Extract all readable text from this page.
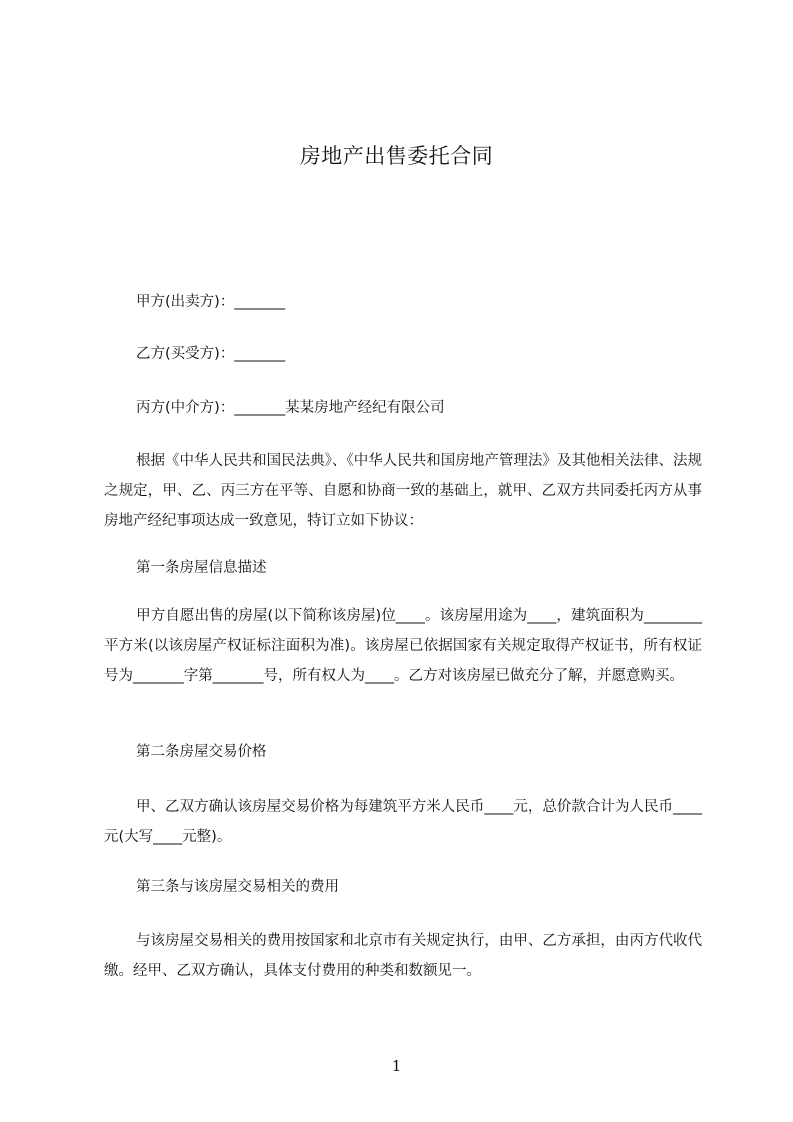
房地产出售委托合同
甲方(出卖方)：_______
乙方(买受方)：_______
丙方(中介方)：_______某某房地产经纪有限公司
根据《中华人民共和国民法典》、《中华人民共和国房地产管理法》及其他相关法律、法规之规定，甲、乙、丙三方在平等、自愿和协商一致的基础上，就甲、乙双方共同委托丙方从事房地产经纪事项达成一致意见，特订立如下协议：
第一条房屋信息描述
甲方自愿出售的房屋(以下简称该房屋)位____。该房屋用途为____，建筑面积为________平方米(以该房屋产权证标注面积为准)。该房屋已依据国家有关规定取得产权证书，所有权证号为_______字第_______号，所有权人为____。乙方对该房屋已做充分了解，并愿意购买。
第二条房屋交易价格
甲、乙双方确认该房屋交易价格为每建筑平方米人民币____元，总价款合计为人民币____元(大写____元整)。
第三条与该房屋交易相关的费用
与该房屋交易相关的费用按国家和北京市有关规定执行，由甲、乙方承担，由丙方代收代缴。经甲、乙双方确认，具体支付费用的种类和数额见一。
1
